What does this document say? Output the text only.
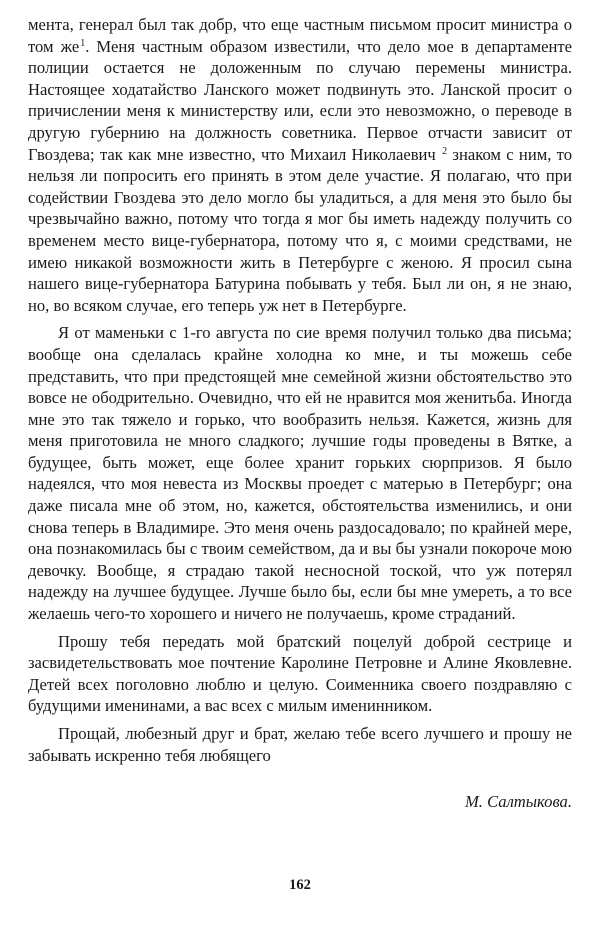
мента, генерал был так добр, что еще частным письмом просит министра о том же$^1$. Меня частным образом известили, что дело мое в департаменте полиции остается не доложенным по случаю перемены министра. Настоящее ходатайство Ланского может подвинуть это. Ланской просит о причислении меня к министерству или, если это невозможно, о переводе в другую губернию на должность советника. Первое отчасти зависит от Гвоздева; так как мне известно, что Михаил Николаевич $^2$ знаком с ним, то нельзя ли попросить его принять в этом деле участие. Я полагаю, что при содействии Гвоздева это дело могло бы уладиться, а для меня это было бы чрезвычайно важно, потому что тогда я мог бы иметь надежду получить со временем место вице-губернатора, потому что я, с моими средствами, не имею никакой возможности жить в Петербурге с женою. Я просил сына нашего вице-губернатора Батурина побывать у тебя. Был ли он, я не знаю, но, во всяком случае, его теперь уж нет в Петербурге.

Я от маменьки с 1-го августа по сие время получил только два письма; вообще она сделалась крайне холодна ко мне, и ты можешь себе представить, что при предстоящей мне семейной жизни обстоятельство это вовсе не ободрительно. Очевидно, что ей не нравится моя женитьба. Иногда мне это так тяжело и горько, что вообразить нельзя. Кажется, жизнь для меня приготовила не много сладкого; лучшие годы проведены в Вятке, а будущее, быть может, еще более хранит горьких сюрпризов. Я было надеялся, что моя невеста из Москвы проедет с матерью в Петербург; она даже писала мне об этом, но, кажется, обстоятельства изменились, и они снова теперь в Владимире. Это меня очень раздосадовало; по крайней мере, она познакомилась бы с твоим семейством, да и вы бы узнали покороче мою девочку. Вообще, я страдаю такой несносной тоской, что уж потерял надежду на лучшее будущее. Лучше было бы, если бы мне умереть, а то все желаешь чего-то хорошего и ничего не получаешь, кроме страданий.

Прошу тебя передать мой братский поцелуй доброй сестрице и засвидетельствовать мое почтение Каролине Петровне и Алине Яковлевне. Детей всех поголовно люблю и целую. Соименника своего поздравляю с будущими именинами, а вас всех с милым именинником.

Прощай, любезный друг и брат, желаю тебе всего лучшего и прошу не забывать искренно тебя любящего

М. Салтыкова.
162
